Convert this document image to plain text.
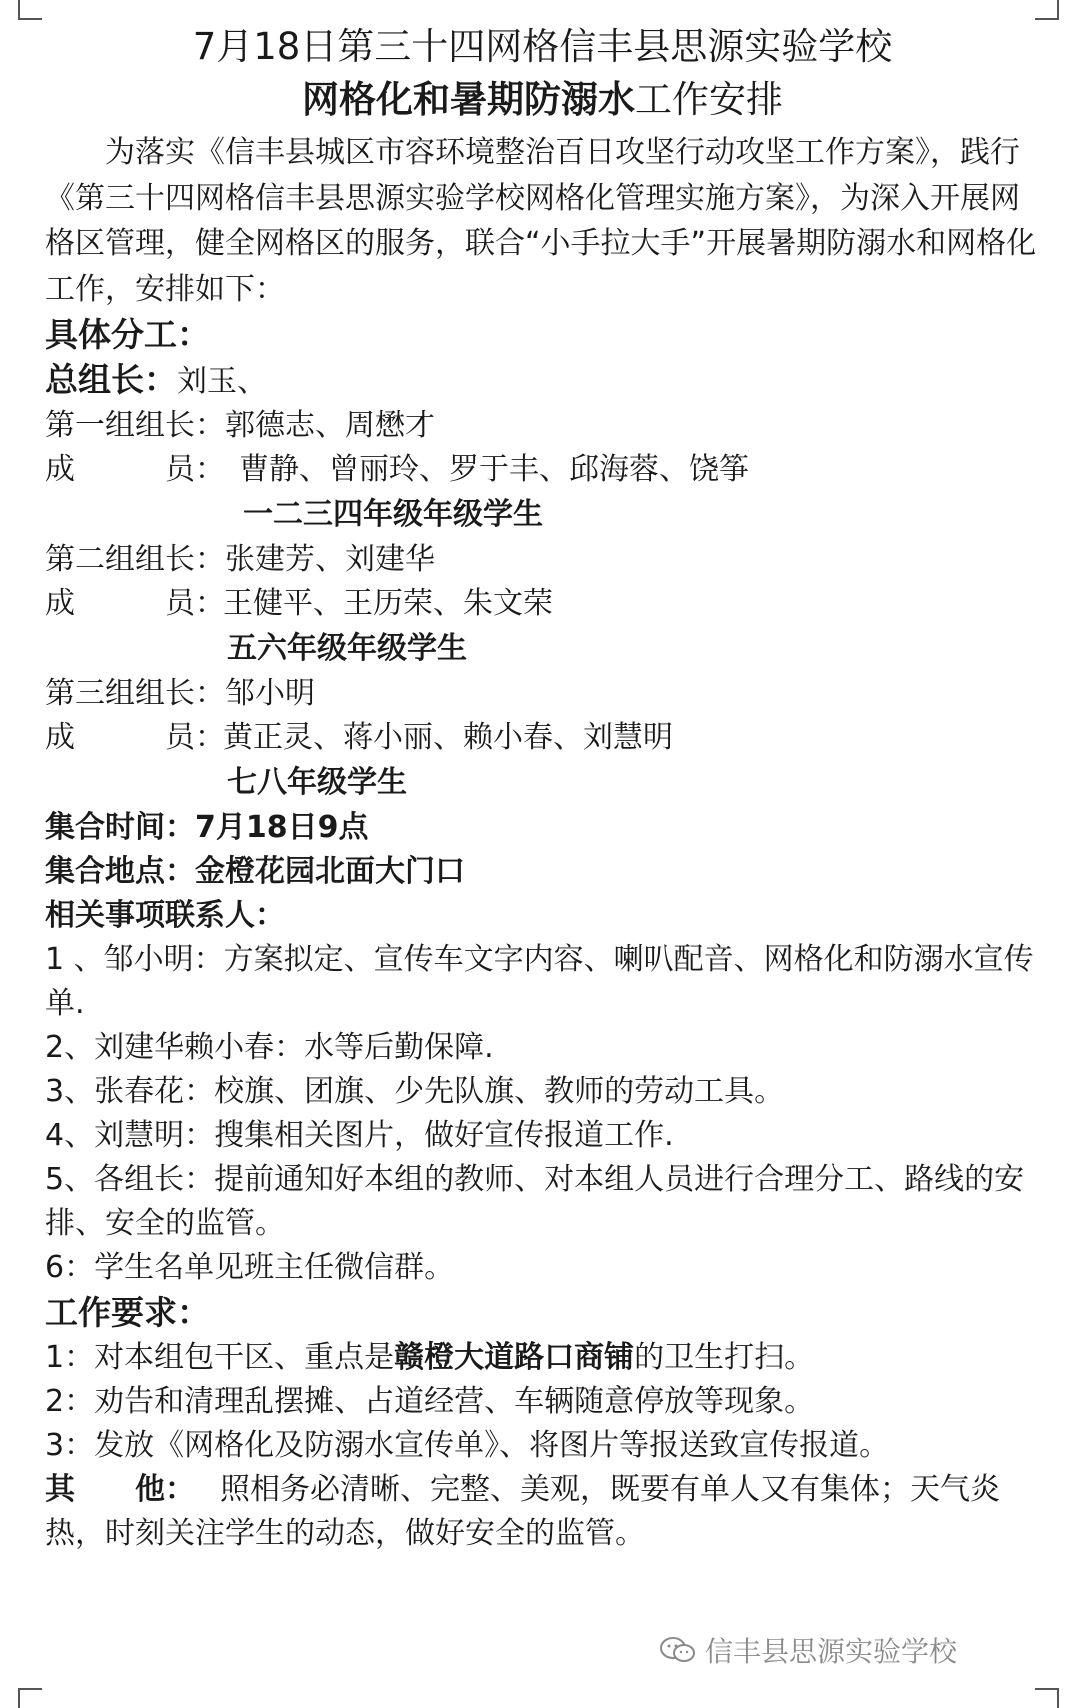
7月18日第三十四网格信丰县思源实验学校
网格化和暑期防溺水工作安排

为落实《信丰县城区市容环境整治百日攻坚行动攻坚工作方案》，践行《第三十四网格信丰县思源实验学校网格化管理实施方案》，为深入开展网格区管理，健全网格区的服务，联合“小手拉大手”开展暑期防溺水和网格化工作，安排如下：

具体分工：

总组长：刘玉、

第一组组长：郭德志、周懋才

成　　　员： 曹静、曾丽玲、罗于丰、邱海蓉、饶筝

一二三四年级年级学生

第二组组长：张建芳、刘建华

成　　　员：王健平、王历荣、朱文荣

五六年级年级学生

第三组组长：邹小明

成　　　员：黄正灵、蒋小丽、赖小春、刘慧明

七八年级学生

集合时间：7月18日9点

集合地点：金橙花园北面大门口

相关事项联系人：

1 、邹小明：方案拟定、宣传车文字内容、喇叭配音、网格化和防溺水宣传单.

2、刘建华赖小春：水等后勤保障.

3、张春花：校旗、团旗、少先队旗、教师的劳动工具。

4、刘慧明：搜集相关图片，做好宣传报道工作.

5、各组长：提前通知好本组的教师、对本组人员进行合理分工、路线的安排、安全的监管。

6：学生名单见班主任微信群。

工作要求：

1：对本组包干区、重点是赣橙大道路口商铺的卫生打扫。

2：劝告和清理乱摆摊、占道经营、车辆随意停放等现象。

3：发放《网格化及防溺水宣传单》、将图片等报送致宣传报道。

其　　他： 照相务必清晰、完整、美观，既要有单人又有集体；天气炎热，时刻关注学生的动态，做好安全的监管。

信丰县思源实验学校
